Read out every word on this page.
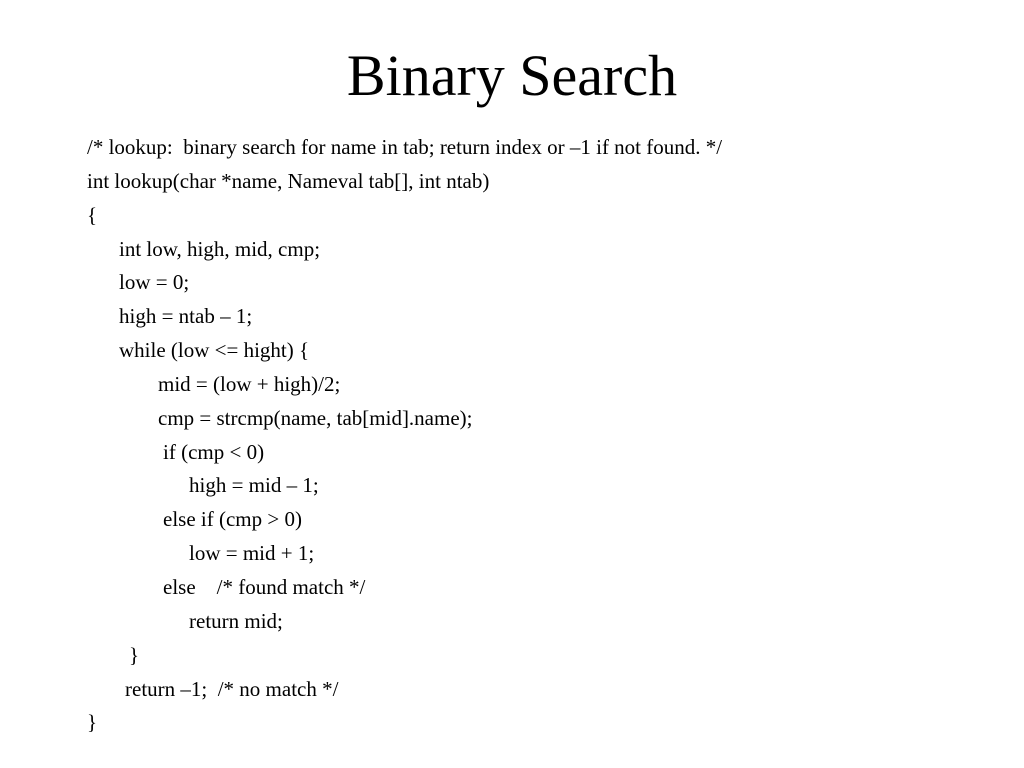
Binary Search
/* lookup:  binary search for name in tab; return index or –1 if not found. */
int lookup(char *name, Nameval tab[], int ntab)
{
int low, high, mid, cmp;
low = 0;
high = ntab – 1;
while (low <= hight) {
mid = (low + high)/2;
cmp = strcmp(name, tab[mid].name);
if (cmp < 0)
high = mid – 1;
else if (cmp > 0)
low = mid + 1;
else    /* found match */
return mid;
}
return –1;  /* no match */
}
